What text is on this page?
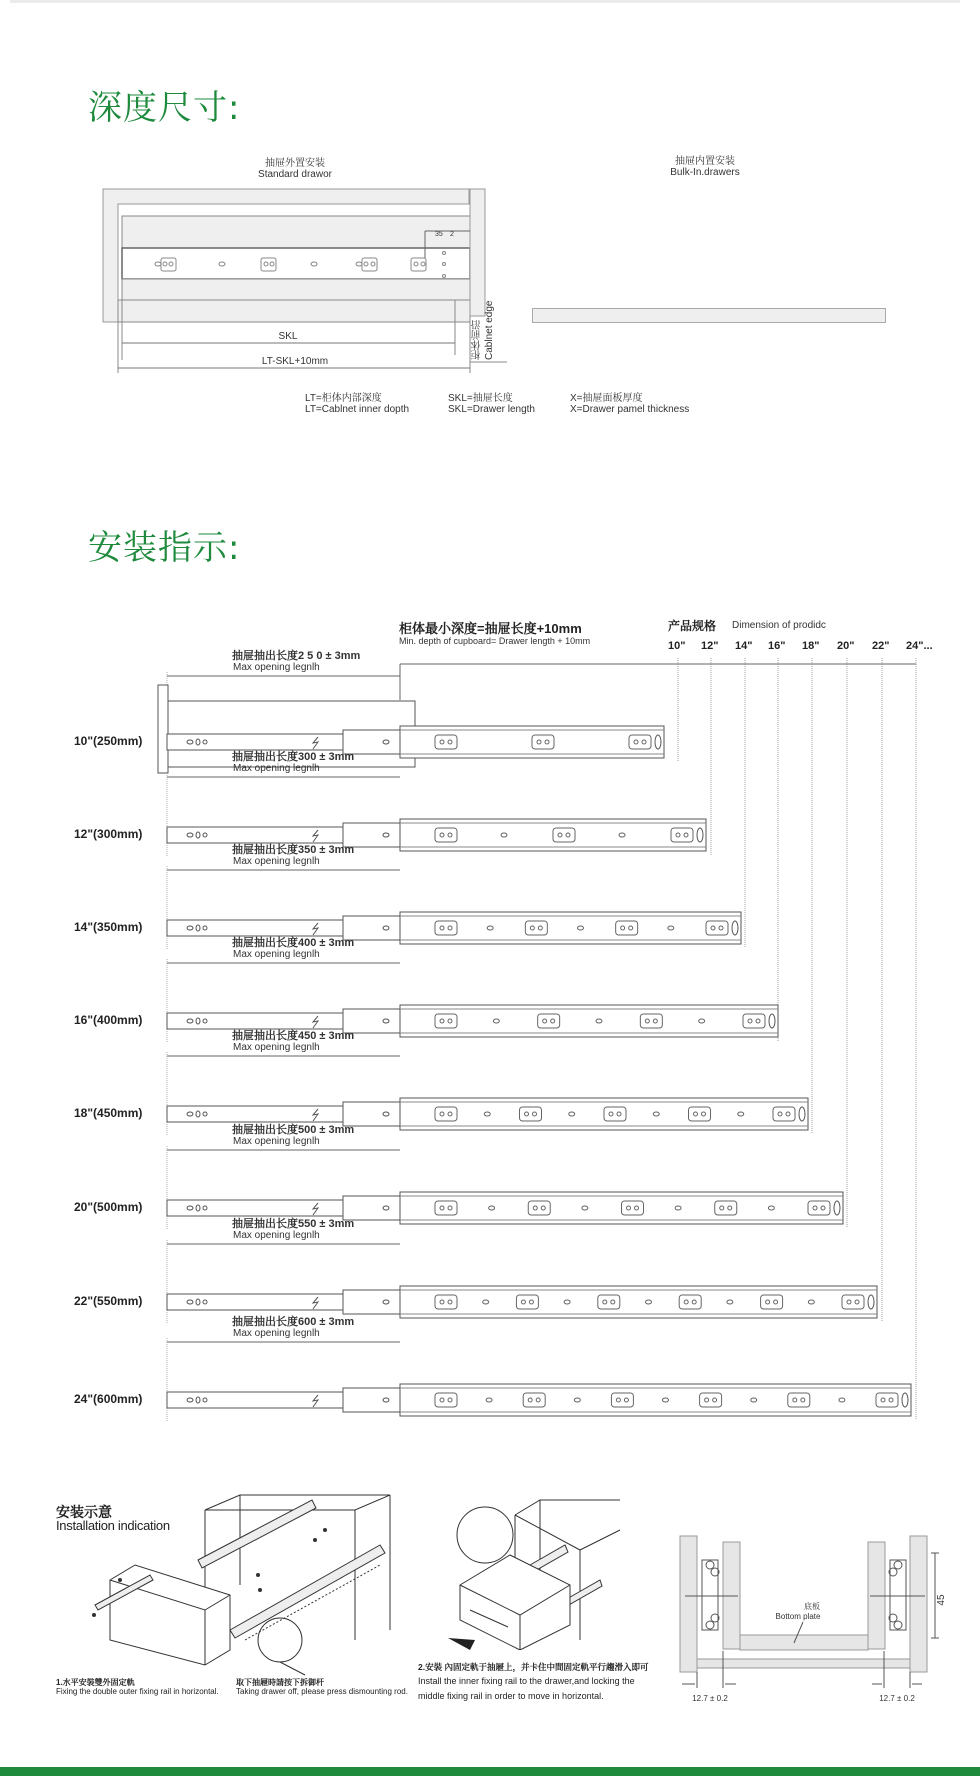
深度尺寸:
抽屉外置安装
Standard drawor
抽屉内置安装
Bulk-In.drawers
35 2
SKL
LT-SKL+10mm
柜体前沿 Cablnet edge
LT=柜体内部深度
LT=Cablnet inner dopth
SKL=抽屉长度
SKL=Drawer length
X=抽屉面板厚度
X=Drawer pamel thickness
安装指示:
柜体最小深度=抽屉长度+10mm
Min. depth of cupboard= Drawer length + 10mm
产品规格 Dimension of prodidc
10" 12" 14" 16" 18" 20" 22" 24"...
10"(250mm)
抽屉抽出长度2 5 0 ± 3mm
Max opening legnlh
12"(300mm)
抽屉抽出长度300 ± 3mm
Max opening legnlh
14"(350mm)
抽屉抽出长度350 ± 3mm
Max opening legnlh
16"(400mm)
抽屉抽出长度400 ± 3mm
Max opening legnlh
18"(450mm)
抽屉抽出长度450 ± 3mm
Max opening legnlh
20"(500mm)
抽屉抽出长度500 ± 3mm
Max opening legnlh
22"(550mm)
抽屉抽出长度550 ± 3mm
Max opening legnlh
24"(600mm)
抽屉抽出长度600 ± 3mm
Max opening legnlh
安装示意
Installation indication
1.水平安裝雙外固定軌
Fixing the double outer fixing rail in horizontal.
取下抽屜時請按下拆御杆
Taking drawer off, please press dismounting rod.
2.安裝 內固定軌于抽屜上，并卡住中間固定軌平行趨滑入即可
Install the inner fixing rail to the drawer,and locking the
middle fixing rail in order to move in horizontal.
45
底板
Bottom plate
12.7 ± 0.2	12.7 ± 0.2
